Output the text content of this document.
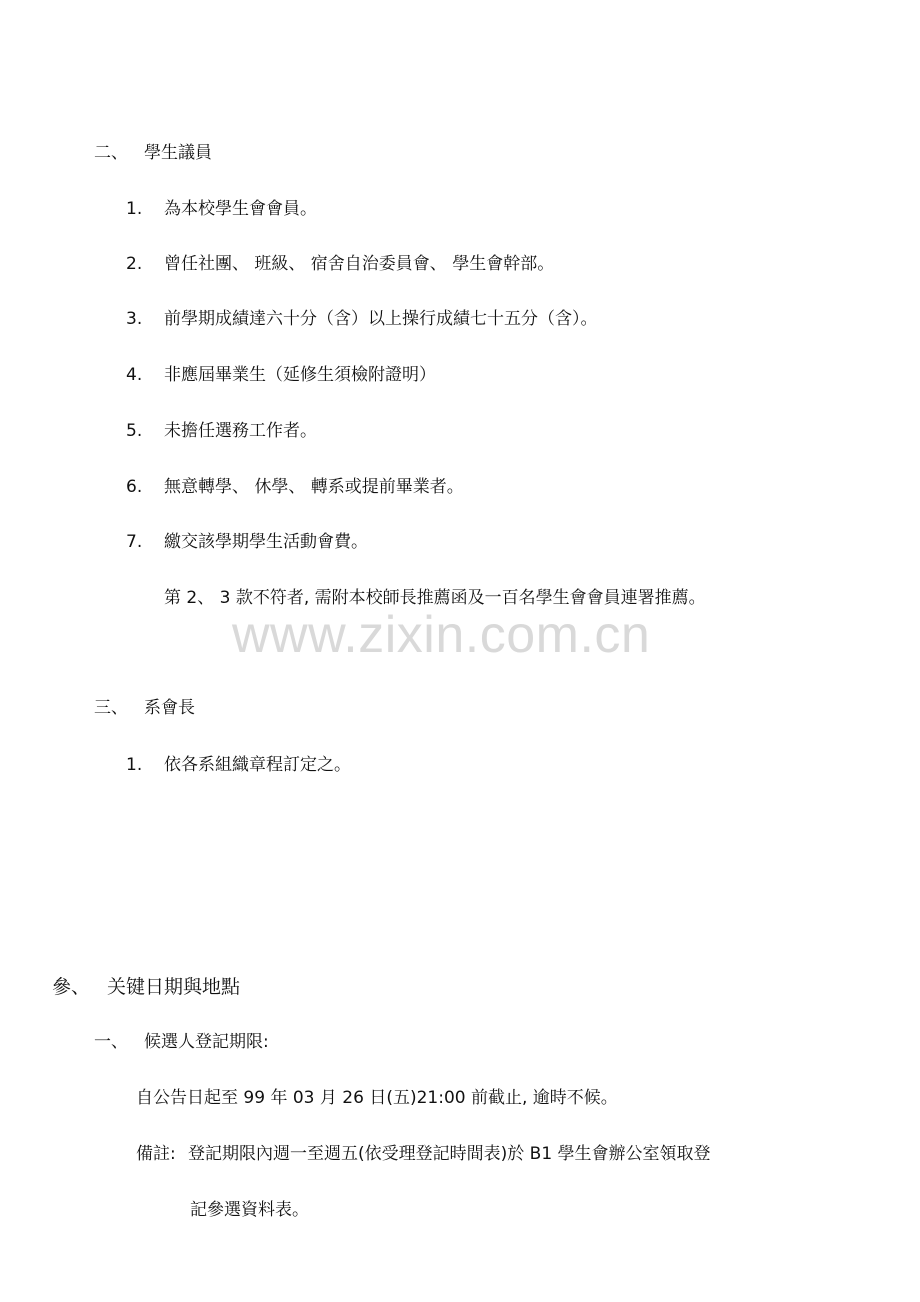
二、 學生議員
1. 為本校學生會會員。
2. 曾任社團、 班級、 宿舍自治委員會、 學生會幹部。
3. 前學期成績達六十分（含）以上操行成績七十五分（含）。
4. 非應屆畢業生（延修生須檢附證明）
5. 未擔任選務工作者。
6. 無意轉學、 休學、 轉系或提前畢業者。
7. 繳交該學期學生活動會費。
第 2、 3 款不符者, 需附本校師長推薦函及一百名學生會會員連署推薦。
www.zixin.com.cn
三、 系會長
1. 依各系組織章程訂定之。
參、 关键日期與地點
一、 候選人登記期限:
自公告日起至 99 年 03 月 26 日(五)21:00 前截止, 逾時不候。
備註: 登記期限內週一至週五(依受理登記時間表)於 B1 學生會辦公室領取登
記參選資料表。
